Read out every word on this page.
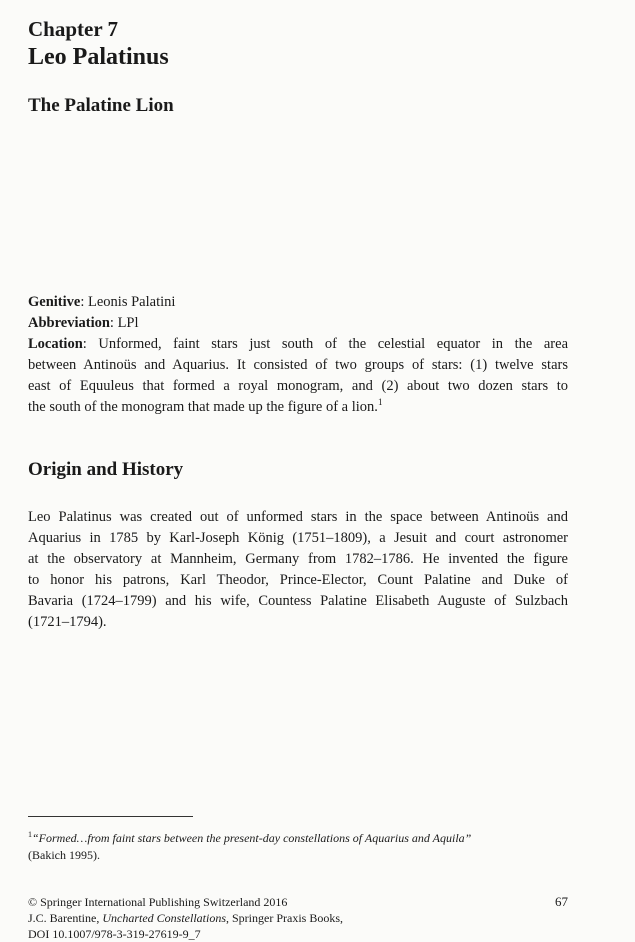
Chapter 7
Leo Palatinus
The Palatine Lion
Genitive: Leonis Palatini
Abbreviation: LPl
Location: Unformed, faint stars just south of the celestial equator in the area
between Antinoüs and Aquarius. It consisted of two groups of stars: (1) twelve stars
east of Equuleus that formed a royal monogram, and (2) about two dozen stars to
the south of the monogram that made up the figure of a lion.$^1$
Origin and History
Leo Palatinus was created out of unformed stars in the space between Antinoüs and
Aquarius in 1785 by Karl-Joseph König (1751–1809), a Jesuit and court astronomer
at the observatory at Mannheim, Germany from 1782–1786. He invented the figure
to honor his patrons, Karl Theodor, Prince-Elector, Count Palatine and Duke of
Bavaria (1724–1799) and his wife, Countess Palatine Elisabeth Auguste of Sulzbach
(1721–1794).
$^1$“Formed…from faint stars between the present-day constellations of Aquarius and Aquila”
(Bakich 1995).
© Springer International Publishing Switzerland 2016
J.C. Barentine, Uncharted Constellations, Springer Praxis Books,
DOI 10.1007/978-3-319-27619-9_7
67
